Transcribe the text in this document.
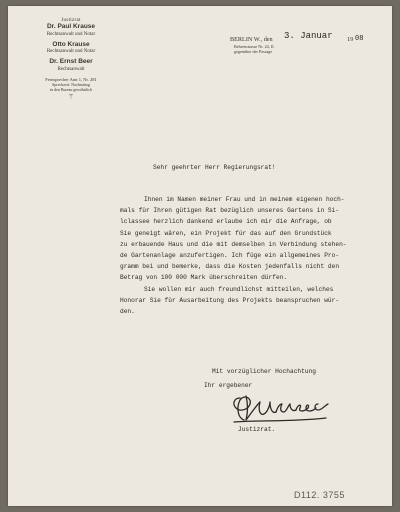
Justizrat
Dr. Paul Krause
Rechtsanwalt und Notar
Otto Krause
Rechtsanwalt und Notar
Dr. Ernst Beer
Rechtsanwalt
Fernsprecher Amt 1, Nr. 281
Sprechzeit: Nachmittag
in den Bureau gewöhnlich
⚚
BERLIN W., den 3. Januar 19 08
Behrenstrasse Nr. 24, II
gegenüber der Passage
Sehr geehrter Herr Regierungsrat!
Ihnen im Namen meiner Frau und in meinem eigenen hoch-
mals für Ihren gütigen Rat bezüglich unseres Gartens in Si-
lclassee herzlich dankend erlaube ich mir die Anfrage, ob
Sie geneigt wären, ein Projekt für das auf den Grundstück
zu erbauende Haus und die mit demselben in Verbindung stehen-
de Gartenanlage anzufertigen. Ich füge ein allgemeines Pro-
gramm bei und bemerke, dass die Kosten jedenfalls nicht den
Betrag von 100 000 Mark überschreiten dürfen.
Sie wollen mir auch freundlichst mitteilen, welches
Honorar Sie für Ausarbeitung des Projekts beanspruchen wür-
den.
Mit vorzüglicher Hochachtung
Ihr ergebener
Justizrat.
D112. 3755
